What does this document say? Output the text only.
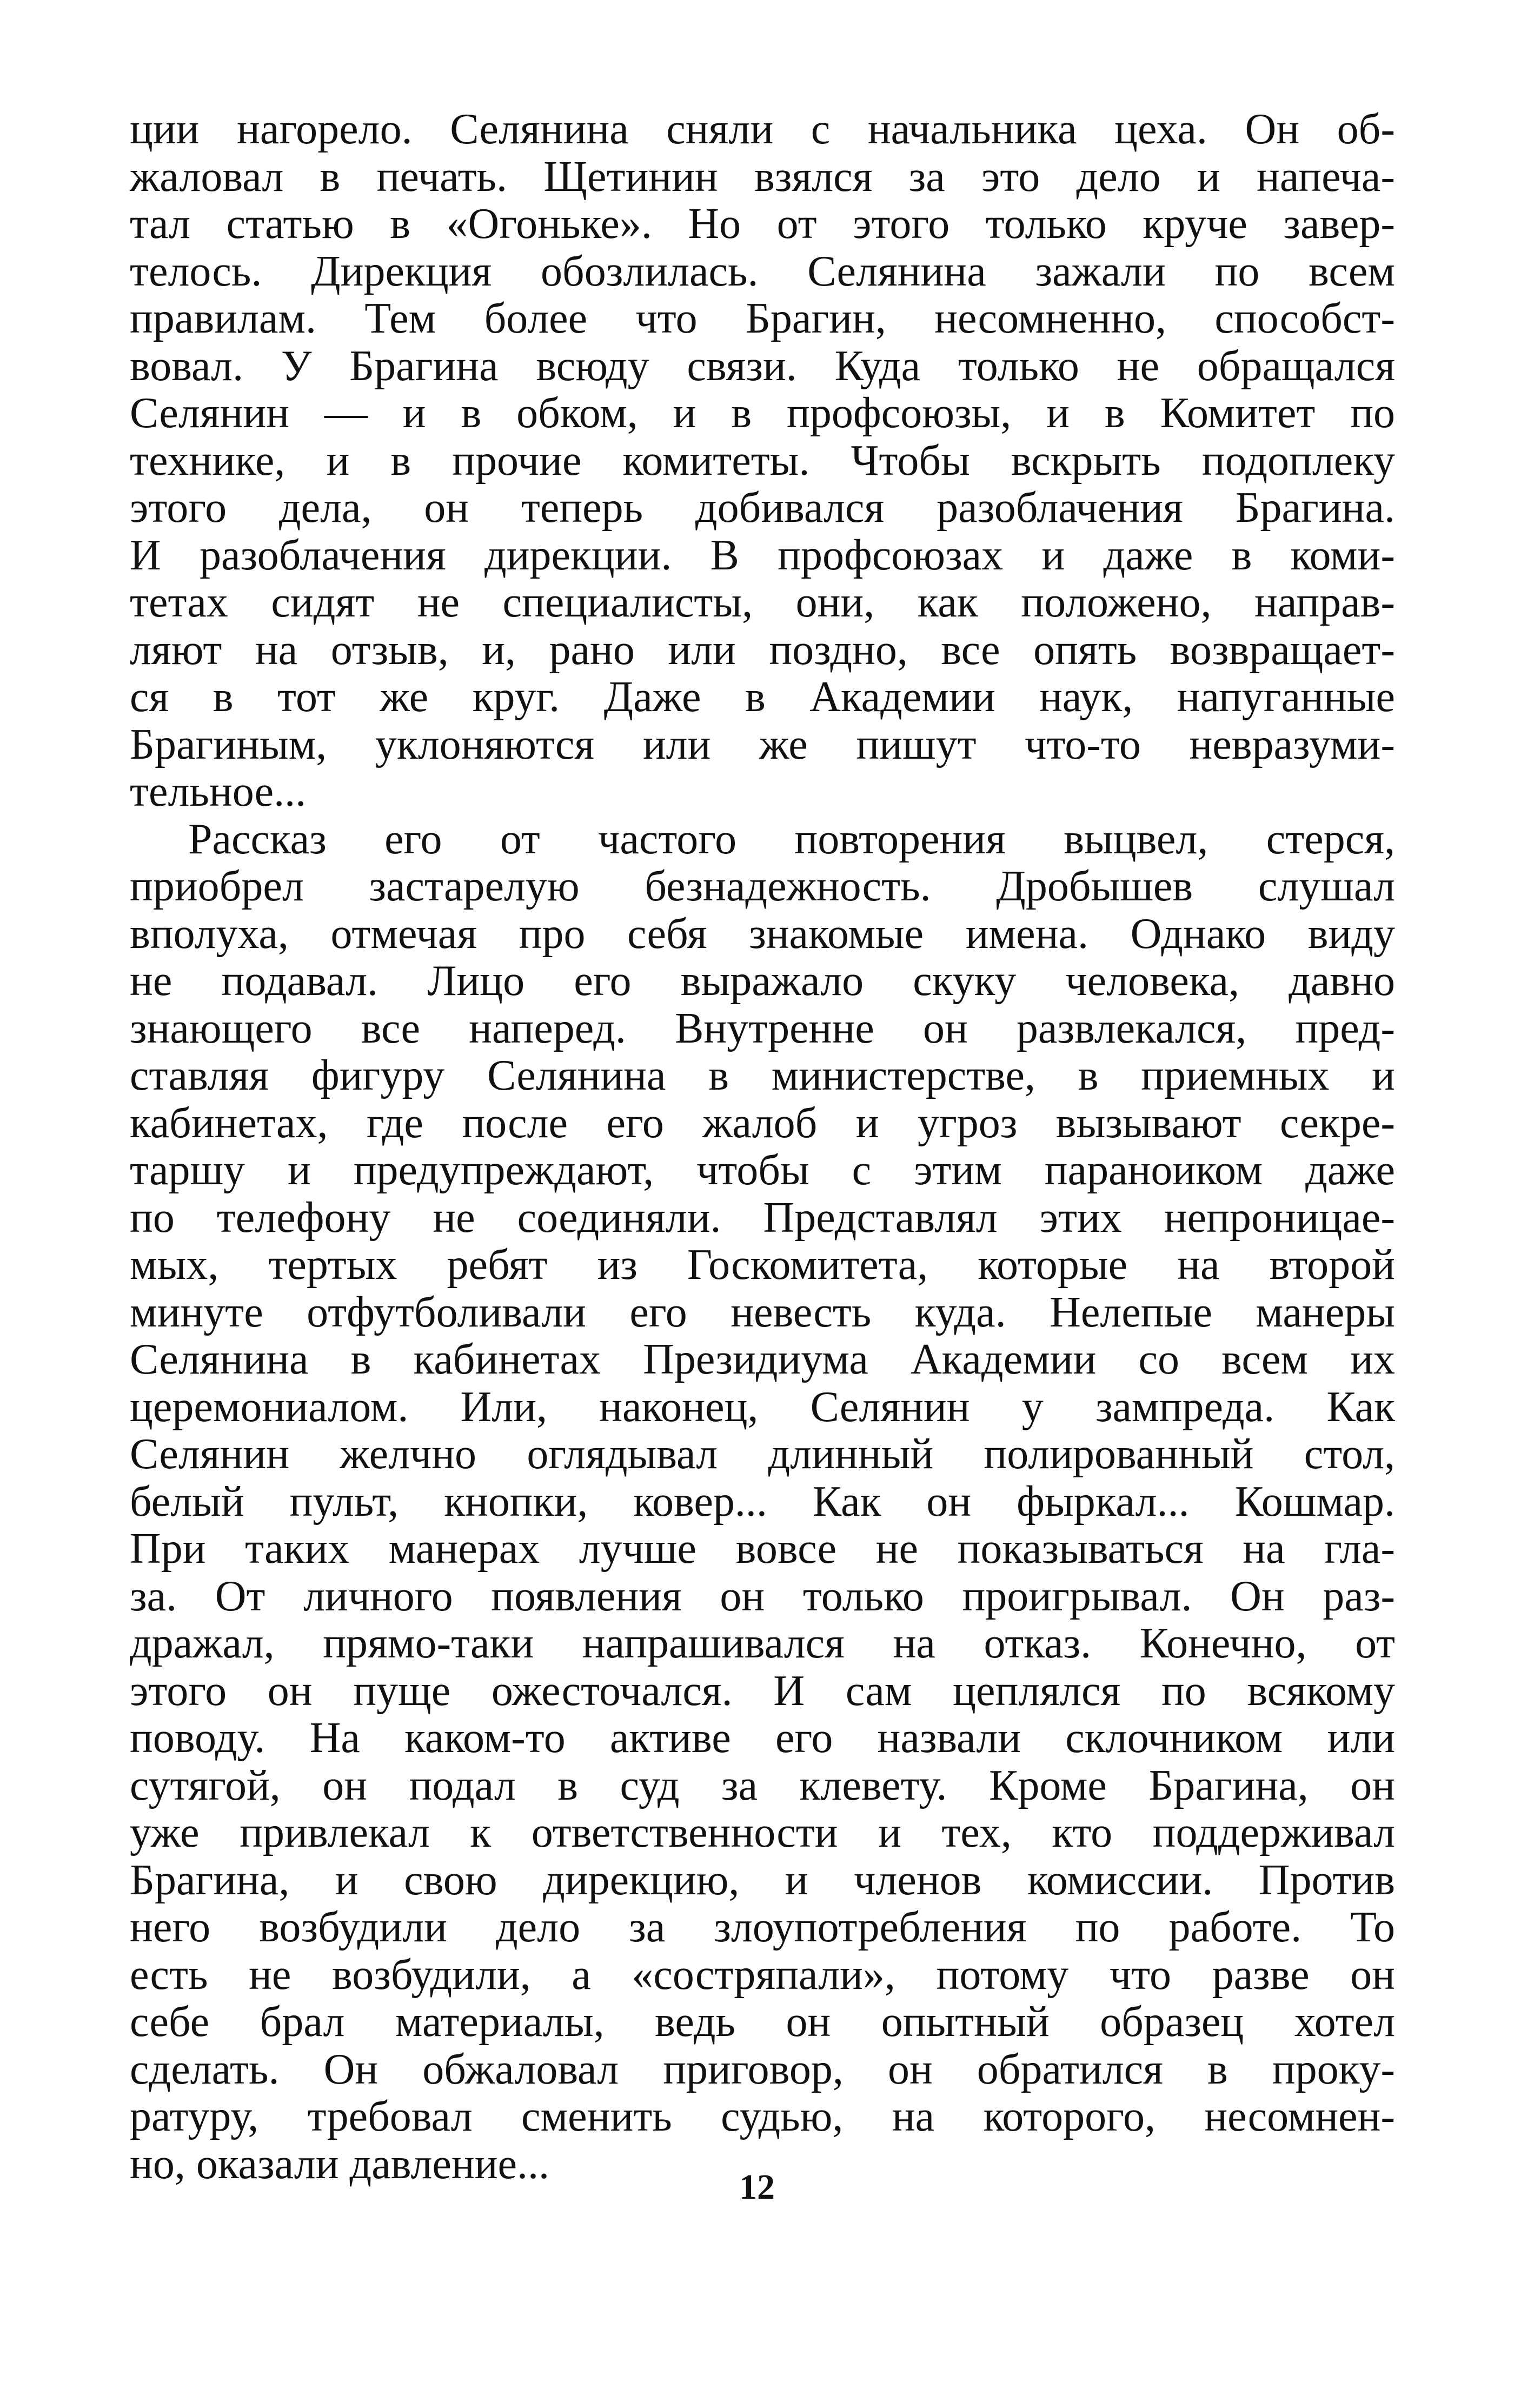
ции нагорело. Селянина сняли с начальника цеха. Он об-
жаловал в печать. Щетинин взялся за это дело и напеча-
тал статью в «Огоньке». Но от этого только круче завер-
телось. Дирекция обозлилась. Селянина зажали по всем
правилам. Тем более что Брагин, несомненно, способст-
вовал. У Брагина всюду связи. Куда только не обращался
Селянин — и в обком, и в профсоюзы, и в Комитет по
технике, и в прочие комитеты. Чтобы вскрыть подоплеку
этого дела, он теперь добивался разоблачения Брагина.
И разоблачения дирекции. В профсоюзах и даже в коми-
тетах сидят не специалисты, они, как положено, направ-
ляют на отзыв, и, рано или поздно, все опять возвращает-
ся в тот же круг. Даже в Академии наук, напуганные
Брагиным, уклоняются или же пишут что-то невразуми-
тельное...
Рассказ его от частого повторения выцвел, стерся,
приобрел застарелую безнадежность. Дробышев слушал
вполуха, отмечая про себя знакомые имена. Однако виду
не подавал. Лицо его выражало скуку человека, давно
знающего все наперед. Внутренне он развлекался, пред-
ставляя фигуру Селянина в министерстве, в приемных и
кабинетах, где после его жалоб и угроз вызывают секре-
таршу и предупреждают, чтобы с этим параноиком даже
по телефону не соединяли. Представлял этих непроницае-
мых, тертых ребят из Госкомитета, которые на второй
минуте отфутболивали его невесть куда. Нелепые манеры
Селянина в кабинетах Президиума Академии со всем их
церемониалом. Или, наконец, Селянин у зампреда. Как
Селянин желчно оглядывал длинный полированный стол,
белый пульт, кнопки, ковер... Как он фыркал... Кошмар.
При таких манерах лучше вовсе не показываться на гла-
за. От личного появления он только проигрывал. Он раз-
дражал, прямо-таки напрашивался на отказ. Конечно, от
этого он пуще ожесточался. И сам цеплялся по всякому
поводу. На каком-то активе его назвали склочником или
сутягой, он подал в суд за клевету. Кроме Брагина, он
уже привлекал к ответственности и тех, кто поддерживал
Брагина, и свою дирекцию, и членов комиссии. Против
него возбудили дело за злоупотребления по работе. То
есть не возбудили, а «состряпали», потому что разве он
себе брал материалы, ведь он опытный образец хотел
сделать. Он обжаловал приговор, он обратился в проку-
ратуру, требовал сменить судью, на которого, несомнен-
но, оказали давление...	12
